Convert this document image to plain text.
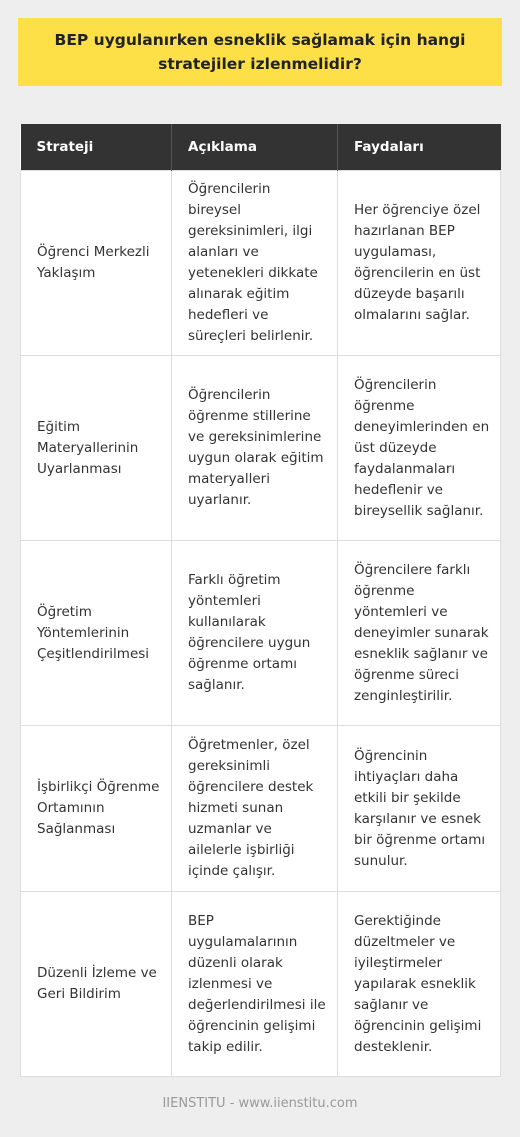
BEP uygulanırken esneklik sağlamak için hangi stratejiler izlenmelidir?
Strateji	Açıklama	Faydaları
Öğrenci Merkezli Yaklaşım	Öğrencilerin bireysel gereksinimleri, ilgi alanları ve yetenekleri dikkate alınarak eğitim hedefleri ve süreçleri belirlenir.	Her öğrenciye özel hazırlanan BEP uygulaması, öğrencilerin en üst düzeyde başarılı olmalarını sağlar.
Eğitim Materyallerinin Uyarlanması	Öğrencilerin öğrenme stillerine ve gereksinimlerine uygun olarak eğitim materyalleri uyarlanır.	Öğrencilerin öğrenme deneyimlerinden en üst düzeyde faydalanmaları hedeflenir ve bireysellik sağlanır.
Öğretim Yöntemlerinin Çeşitlendirilmesi	Farklı öğretim yöntemleri kullanılarak öğrencilere uygun öğrenme ortamı sağlanır.	Öğrencilere farklı öğrenme yöntemleri ve deneyimler sunarak esneklik sağlanır ve öğrenme süreci zenginleştirilir.
İşbirlikçi Öğrenme Ortamının Sağlanması	Öğretmenler, özel gereksinimli öğrencilere destek hizmeti sunan uzmanlar ve ailelerle işbirliği içinde çalışır.	Öğrencinin ihtiyaçları daha etkili bir şekilde karşılanır ve esnek bir öğrenme ortamı sunulur.
Düzenli İzleme ve Geri Bildirim	BEP uygulamalarının düzenli olarak izlenmesi ve değerlendirilmesi ile öğrencinin gelişimi takip edilir.	Gerektiğinde düzeltmeler ve iyileştirmeler yapılarak esneklik sağlanır ve öğrencinin gelişimi desteklenir.
IIENSTITU - www.iienstitu.com
